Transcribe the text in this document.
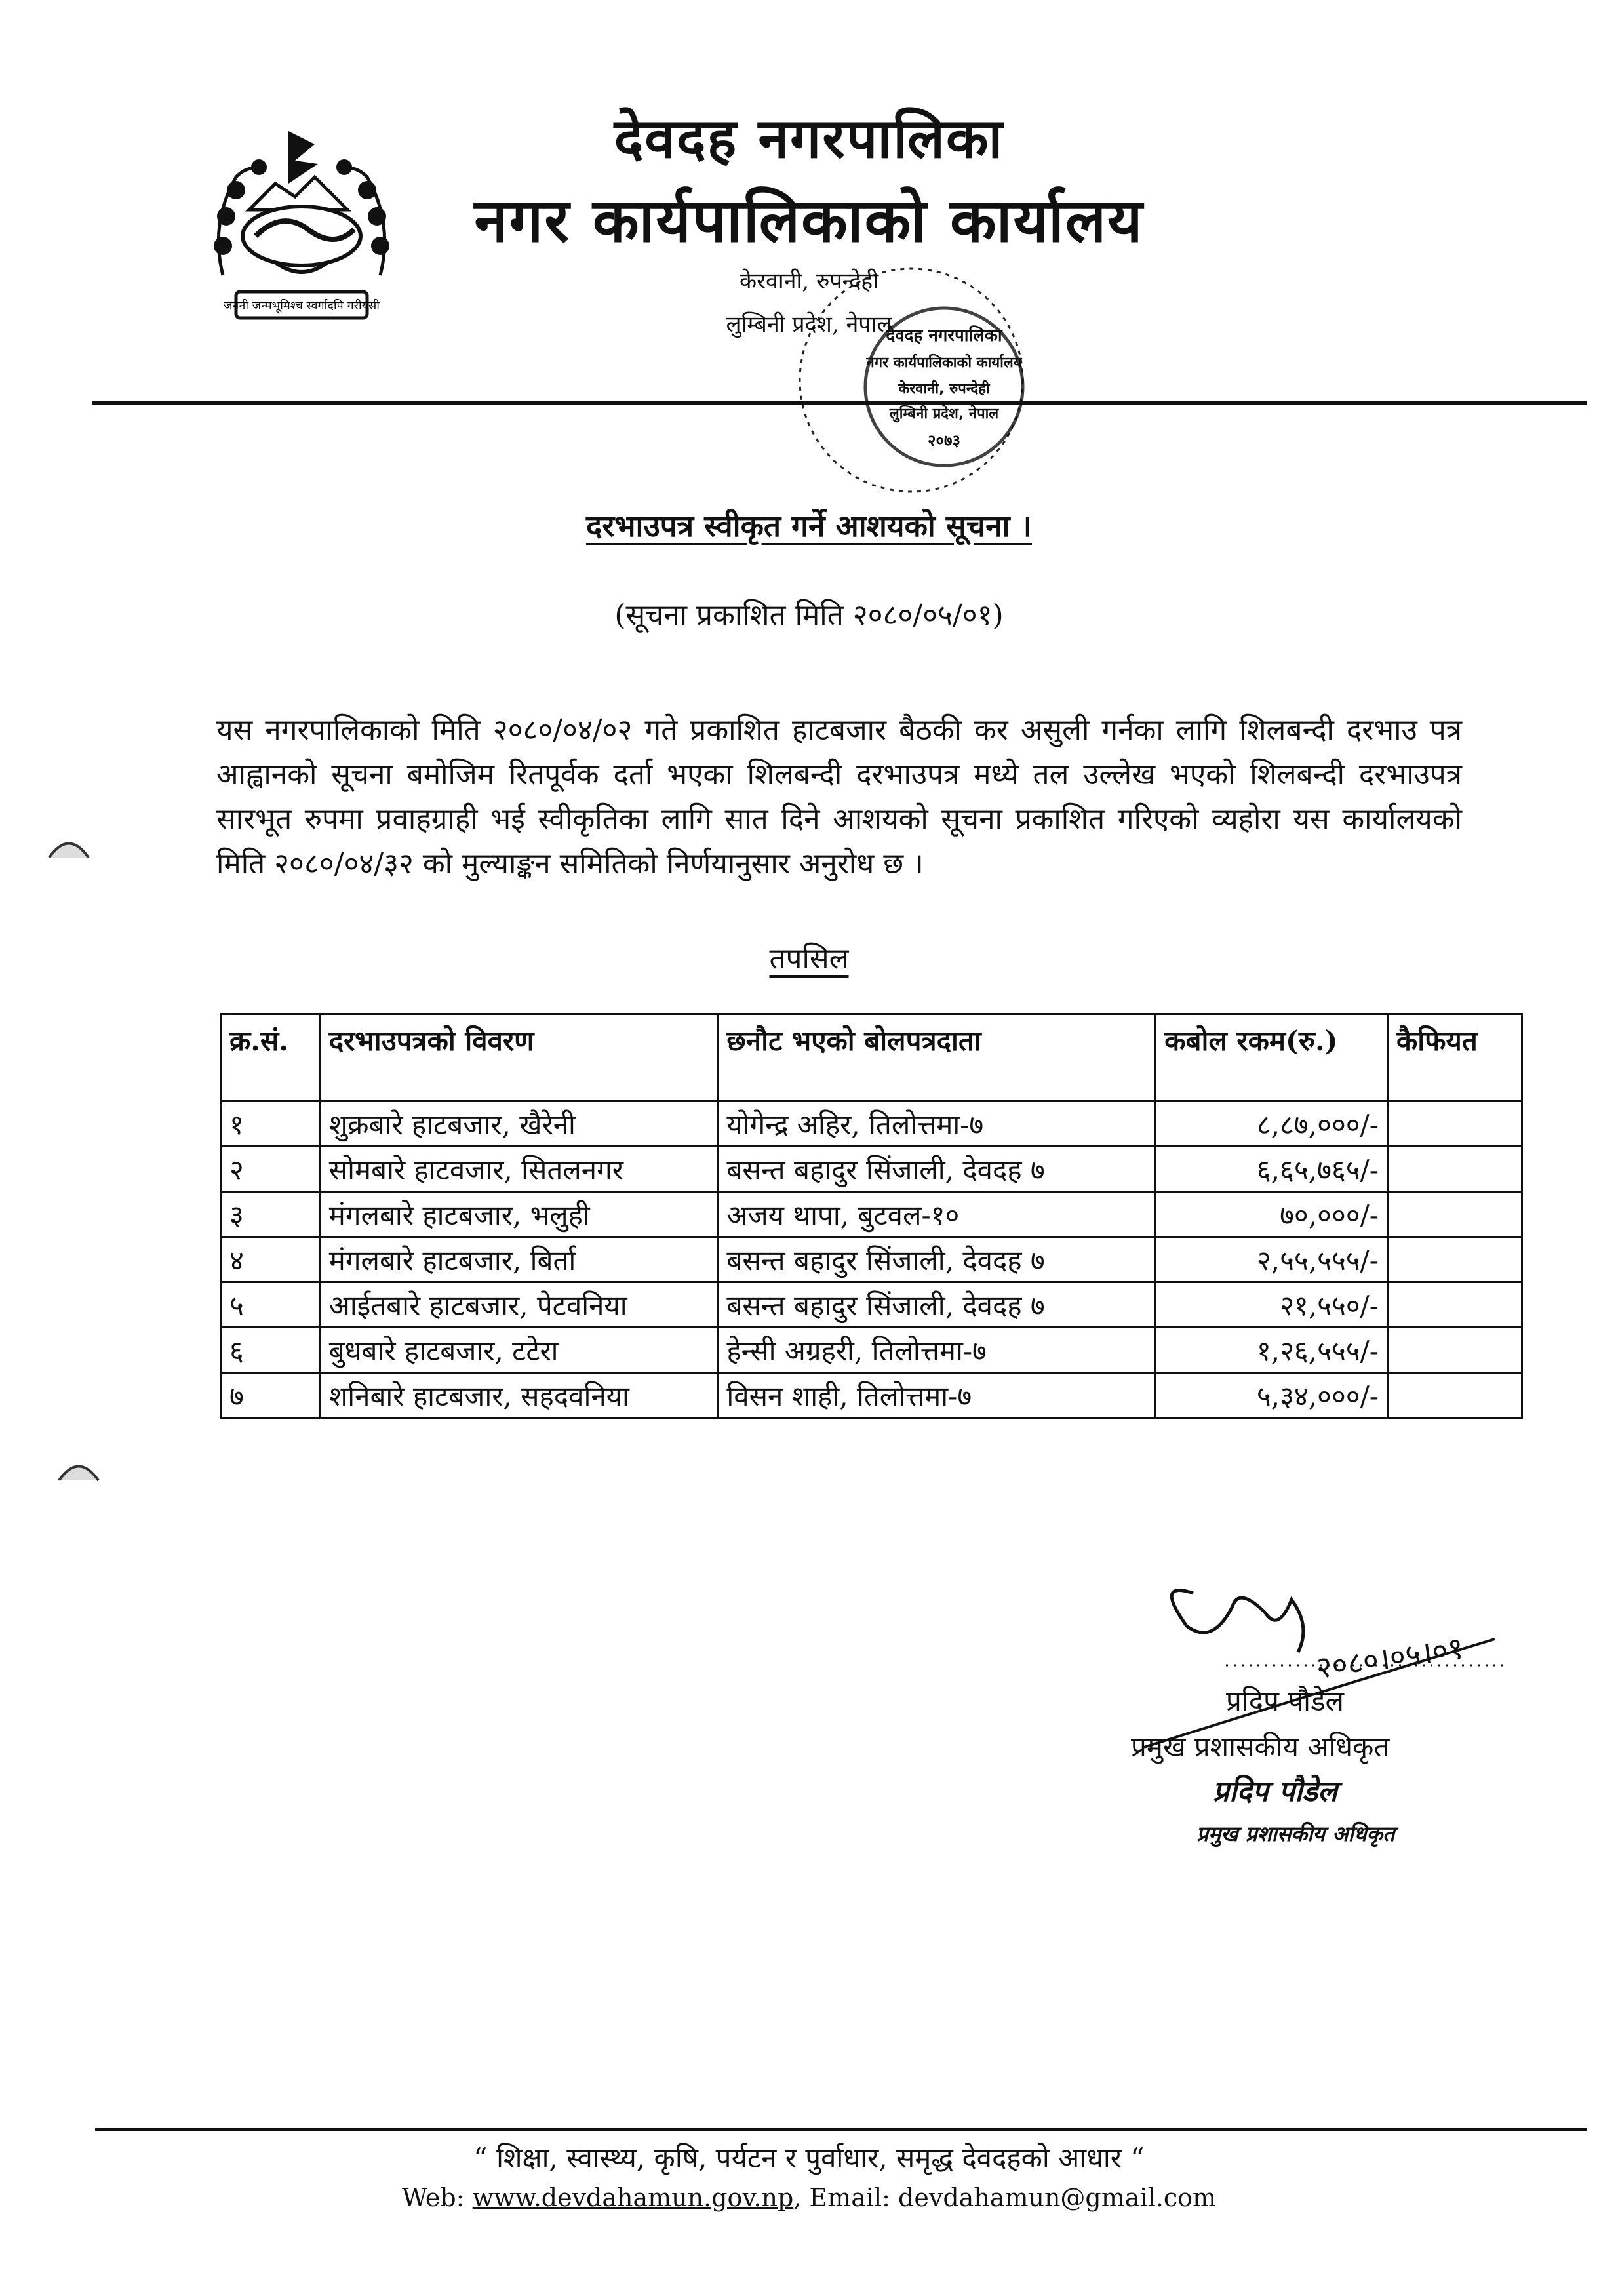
जननी जन्मभूमिश्च स्वर्गादपि गरीयसी
देवदह नगरपालिका
नगर कार्यपालिकाको कार्यालय
केरवानी, रुपन्देही
लुम्बिनी प्रदेश, नेपाल
२०७३
देवदह नगरपालिका
नगर कार्यपालिकाको कार्यालय
केरवानी, रुपन्देही
लुम्बिनी प्रदेश, नेपाल
दरभाउपत्र स्वीकृत गर्ने आशयको सूचना ।
(सूचना प्रकाशित मिति २०८०/०५/०१)
यस नगरपालिकाको मिति २०८०/०४/०२ गते प्रकाशित हाटबजार बैठकी कर असुली गर्नका लागि शिलबन्दी दरभाउ पत्र आह्वानको सूचना बमोजिम रितपूर्वक दर्ता भएका शिलबन्दी दरभाउपत्र मध्ये तल उल्लेख भएको शिलबन्दी दरभाउपत्र सारभूत रुपमा प्रवाहग्राही भई स्वीकृतिका लागि सात दिने आशयको सूचना प्रकाशित गरिएको व्यहोरा यस कार्यालयको मिति २०८०/०४/३२ को मुल्याङ्कन समितिको निर्णयानुसार अनुरोध छ ।
तपसिल
क्र.सं.	दरभाउपत्रको विवरण	छनौट भएको बोलपत्रदाता	कबोल रकम(रु.)	कैफियत
१	शुक्रबारे हाटबजार, खैरेनी	योगेन्द्र अहिर, तिलोत्तमा-७	८,८७,०००/-	
२	सोमबारे हाटवजार, सितलनगर	बसन्त बहादुर सिंजाली, देवदह ७	६,६५,७६५/-	
३	मंगलबारे हाटबजार, भलुही	अजय थापा, बुटवल-१०	७०,०००/-	
४	मंगलबारे हाटबजार, बिर्ता	बसन्त बहादुर सिंजाली, देवदह ७	२,५५,५५५/-	
५	आईतबारे हाटबजार, पेटवनिया	बसन्त बहादुर सिंजाली, देवदह ७	२१,५५०/-	
६	बुधबारे हाटबजार, टटेरा	हेन्सी अग्रहरी, तिलोत्तमा-७	१,२६,५५५/-	
७	शनिबारे हाटबजार, सहदवनिया	विसन शाही, तिलोत्तमा-७	५,३४,०००/-	
२०८०।०५।०१
प्रदिप पौडेल
प्रमुख प्रशासकीय अधिकृत
प्रदिप पौडेल
प्रमुख प्रशासकीय अधिकृत
“ शिक्षा, स्वास्थ्य, कृषि, पर्यटन र पुर्वाधार, समृद्ध देवदहको आधार “
Web: www.devdahamun.gov.np, Email: devdahamun@gmail.com
